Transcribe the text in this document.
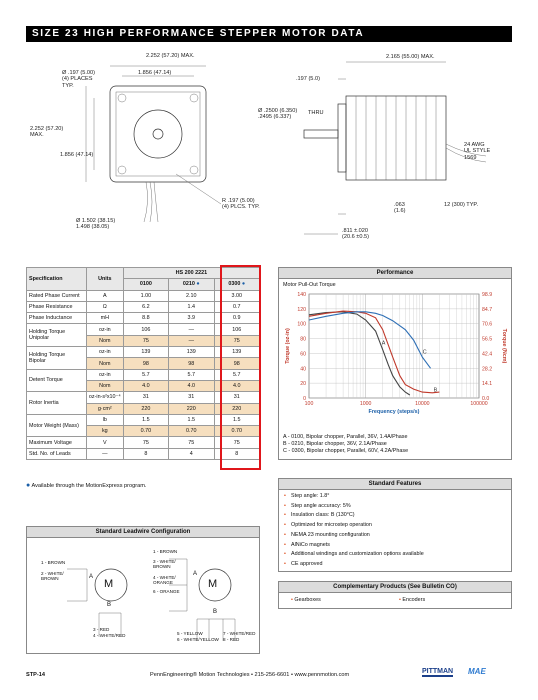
SIZE 23 HIGH PERFORMANCE STEPPER MOTOR DATA
2.252 (57.20) MAX.
1.856 (47.14)
Ø .197 (5.00)
(4) PLACES
TYP.
2.252 (57.20)
MAX.
1.856 (47.14)
R .197 (5.00)
(4) PLCS. TYP.
Ø 1.502 (38.15)
1.498 (38.05)
2.165 (55.00) MAX.
.197 (5.0)
Ø .2500 (6.350)
.2495 (6.337)
THRU
24 AWG
UL STYLE
1569
12 (300) TYP.
.063
(1.6)
.811 ±.020
(20.6 ±0.5)
Specification	Units	HS 200 2221		
		0100	0210 ●	0300 ●

Rated Phase Current	A	1.00	2.10	3.00

Phase Resistance	Ω	6.2	1.4	0.7

Phase Inductance	mH	8.8	3.9	0.9

Holding Torque
Unipolar	oz-in	106	—	106
	Nom	75	—	75

Holding Torque
Bipolar	oz-in	139	139	139
	Nom	98	98	98

Detent Torque	oz-in	5.7	5.7	5.7
	Nom	4.0	4.0	4.0

Rotor Inertia	oz-in-s²x10⁻⁴	31	31	31
	g·cm²	220	220	220

Motor Weight (Mass)	lb	1.5	1.5	1.5
	kg	0.70	0.70	0.70

Maximum Voltage	V	75	75	75

Std. No. of Leads	—	8	4	8
● Available through the MotionExpress program.
Performance
Motor Pull-Out Torque
0	0.0
20	14.1
40	28.2
60	42.4
80	56.5
100	70.6
120	84.7
140	98.9
100	1000	10000	100000
Frequency (steps/s)
Torque (oz-in)	Torque (Ncm)
A
B
C
A - 0100, Bipolar chopper, Parallel, 36V, 1.4A/Phase
B - 0210, Bipolar chopper, 36V, 2.1A/Phase
C - 0300, Bipolar chopper, Parallel, 60V, 4.2A/Phase
Standard Features
• Step angle: 1.8°
• Step angle accuracy: 5%
• Insulation class: B (130°C)
• Optimized for microstep operation
• NEMA 23 mounting configuration
• AlNiCo magnets
• Additional windings and customization options available
• CE approved
Complementary Products (See Bulletin CO)
• Gearboxes	• Encoders
Standard Leadwire Configuration
M	M
1 - BROWN
2 - WHITE/
BROWN	A
B
3 - RED
4 - WHITE/RED
1 - BROWN
3 - WHITE/
BROWN
4 - WHITE/
ORANGE
6 - ORANGE
A
B
5 - YELLOW
6 - WHITE/YELLOW
7 - WHITE/RED
8 - RED
STP-14	PennEngineering® Motion Technologies • 215-256-6601 • www.pennmotion.com	PITTMAN MAE
